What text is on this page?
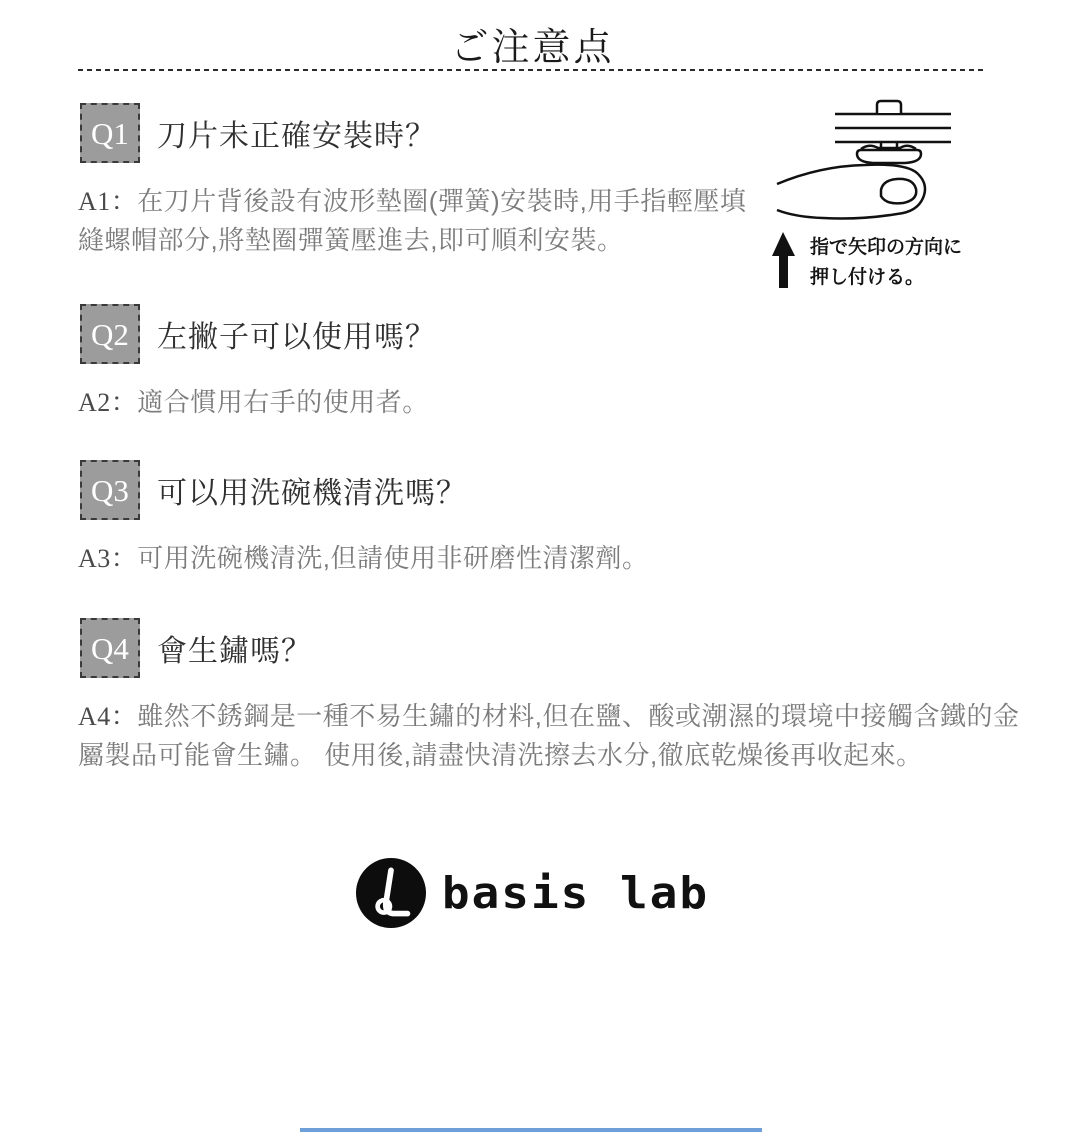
ご注意点
Q1 刀片未正確安裝時？

A1：在刀片背後設有波形墊圈(彈簧)安裝時,用手指輕壓填縫螺帽部分,將墊圈彈簧壓進去,即可順利安裝。

Q2 左撇子可以使用嗎？

A2：適合慣用右手的使用者。

Q3 可以用洗碗機清洗嗎？

A3：可用洗碗機清洗,但請使用非研磨性清潔劑。

Q4 會生鏽嗎？

A4：雖然不銹鋼是一種不易生鏽的材料,但在鹽、酸或潮濕的環境中接觸含鐵的金屬製品可能會生鏽。 使用後,請盡快清洗擦去水分,徹底乾燥後再收起來。

指で矢印の方向に
押し付ける。
basis lab
